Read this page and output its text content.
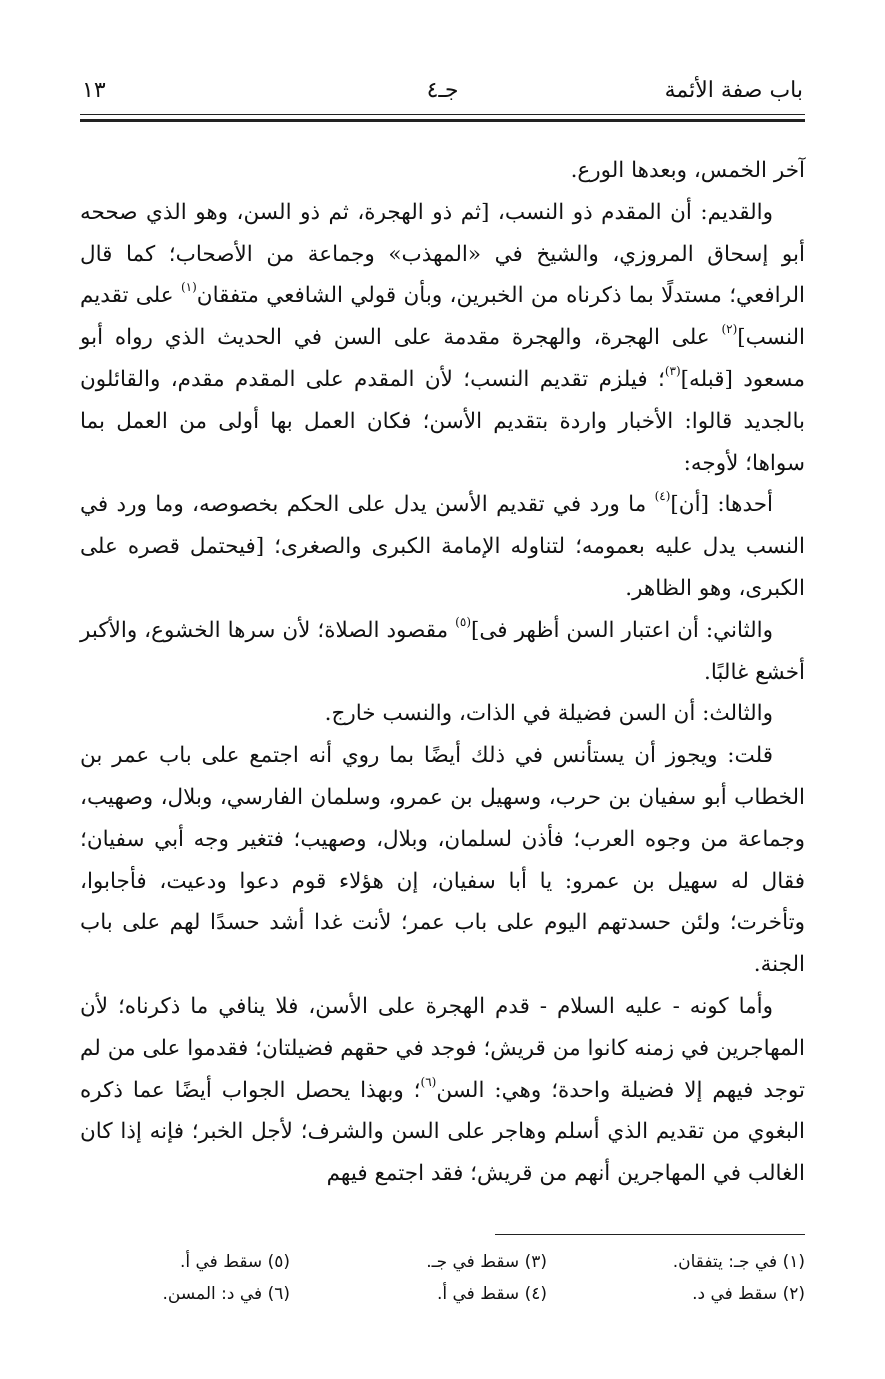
باب صفة الأئمة
جـ٤
١٣

آخر الخمس، وبعدها الورع.

والقديم: أن المقدم ذو النسب، [ثم ذو الهجرة، ثم ذو السن، وهو الذي صححه أبو إسحاق المروزي، والشيخ في «المهذب» وجماعة من الأصحاب؛ كما قال الرافعي؛ مستدلًا بما ذكرناه من الخبرين، وبأن قولي الشافعي متفقان$^{(١)}$ على تقديم النسب]$^{(٢)}$ على الهجرة، والهجرة مقدمة على السن في الحديث الذي رواه أبو مسعود [قبله]$^{(٣)}$؛ فيلزم تقديم النسب؛ لأن المقدم على المقدم مقدم، والقائلون بالجديد قالوا: الأخبار واردة بتقديم الأسن؛ فكان العمل بها أولى من العمل بما سواها؛ لأوجه:

أحدها: [أن]$^{(٤)}$ ما ورد في تقديم الأسن يدل على الحكم بخصوصه، وما ورد في النسب يدل عليه بعمومه؛ لتناوله الإمامة الكبرى والصغرى؛ [فيحتمل قصره على الكبرى، وهو الظاهر.

والثاني: أن اعتبار السن أظهر فى]$^{(٥)}$ مقصود الصلاة؛ لأن سرها الخشوع، والأكبر أخشع غالبًا.

والثالث: أن السن فضيلة في الذات، والنسب خارج.

قلت: ويجوز أن يستأنس في ذلك أيضًا بما روي أنه اجتمع على باب عمر بن الخطاب أبو سفيان بن حرب، وسهيل بن عمرو، وسلمان الفارسي، وبلال، وصهيب، وجماعة من وجوه العرب؛ فأذن لسلمان، وبلال، وصهيب؛ فتغير وجه أبي سفيان؛ فقال له سهيل بن عمرو: يا أبا سفيان، إن هؤلاء قوم دعوا ودعيت، فأجابوا، وتأخرت؛ ولئن حسدتهم اليوم على باب عمر؛ لأنت غدا أشد حسدًا لهم على باب الجنة.

وأما كونه - عليه السلام - قدم الهجرة على الأسن، فلا ينافي ما ذكرناه؛ لأن المهاجرين في زمنه كانوا من قريش؛ فوجد في حقهم فضيلتان؛ فقدموا على من لم توجد فيهم إلا فضيلة واحدة؛ وهي: السن$^{(٦)}$؛ وبهذا يحصل الجواب أيضًا عما ذكره البغوي من تقديم الذي أسلم وهاجر على السن والشرف؛ لأجل الخبر؛ فإنه إذا كان الغالب في المهاجرين أنهم من قريش؛ فقد اجتمع فيهم

(١) في جـ: يتفقان.
(٢) سقط في د.
(٣) سقط في جـ.
(٤) سقط في أ.
(٥) سقط في أ.
(٦) في د: المسن.
